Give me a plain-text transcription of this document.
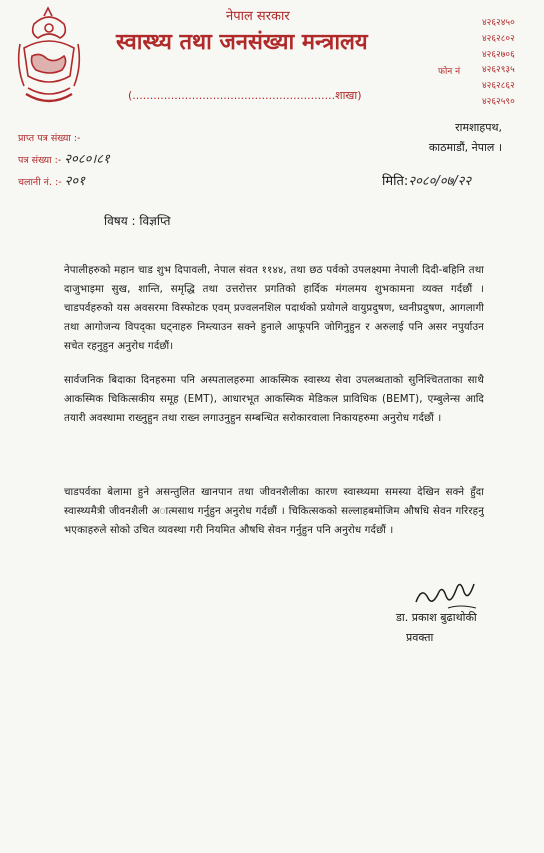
नेपाल सरकार
स्वास्थ्य तथा जनसंख्या मन्त्रालय
(..........................................................शाखा)
फोन नं
४२६२४५०
४२६२८०२
४२६२७०६
४२६२९३५
४२६२८६२
४२६२५९०
प्राप्त पत्र संख्या :-
पत्र संख्या :- २०८०।८१
चलानी नं. :- २०१
रामशाहपथ,
काठमाडौं, नेपाल ।
मिति:२०८०/०७/२२
विषय : विज्ञप्ति
नेपालीहरुको महान चाड शुभ दिपावली, नेपाल संवत ११४४, तथा छठ पर्वको उपलक्ष्यमा नेपाली दिदी-बहिनि तथा दाजुभाइमा सुख, शान्ति, समृद्धि तथा उत्तरोत्तर प्रगतिको हार्दिक मंगलमय शुभकामना व्यक्त गर्दछौं । चाडपर्वहरुको यस अवसरमा विस्फोटक एवम् प्रज्वलनशिल पदार्थको प्रयोगले वायुप्रदुषण, ध्वनीप्रदुषण, आगलागी तथा आगोजन्य विपद्का घट्नाहरु निम्त्याउन सक्ने हुनाले आफूपनि जोगिनुहुन र अरुलाई पनि असर नपुर्याउन सचेत रहनुहुन अनुरोध गर्दछौं।
सार्वजनिक बिदाका दिनहरुमा पनि अस्पतालहरुमा आकस्मिक स्वास्थ्य सेवा उपलब्धताको सुनिश्चितताका साथै आकस्मिक चिकित्सकीय समूह (EMT), आधारभूत आकस्मिक मेडिकल प्राविधिक (BEMT), एम्बुलेन्स आदि तयारी अवस्थामा राख्नुहुन तथा राख्न लगाउनुहुन सम्बन्धित सरोकारवाला निकायहरुमा अनुरोध गर्दछौं ।
चाडपर्वका बेलामा हुने असन्तुलित खानपान तथा जीवनशैलीका कारण स्वास्थ्यमा समस्या देखिन सक्ने हुँदा स्वास्थ्यमैत्री जीवनशैली अात्मसाथ गर्नुहुन अनुरोध गर्दछौं । चिकित्सकको सल्लाहबमोजिम औषधि सेवन गरिरहनु भएकाहरुले सोको उचित व्यवस्था गरी नियमित औषधि सेवन गर्नुहुन पनि अनुरोध गर्दछौं ।
डा. प्रकाश बुढाथोकी
प्रवक्ता
